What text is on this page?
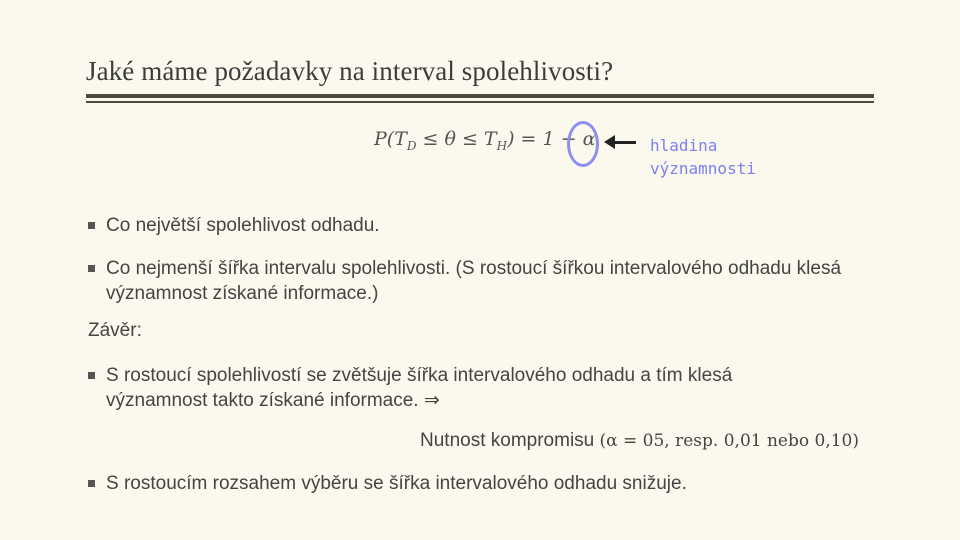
Jaké máme požadavky na interval spolehlivosti?
$P(T_D \le \theta \le T_H) = 1 - \alpha$	hladina
významnosti
Co největší spolehlivost odhadu.
Co nejmenší šířka intervalu spolehlivosti. (S rostoucí šířkou intervalového odhadu klesá významnost získané informace.)
Závěr:
S rostoucí spolehlivostí se zvětšuje šířka intervalového odhadu a tím klesá významnost takto získané informace. ⇒
Nutnost kompromisu (α = 05, resp. 0,01 nebo 0,10)
S rostoucím rozsahem výběru se šířka intervalového odhadu snižuje.
